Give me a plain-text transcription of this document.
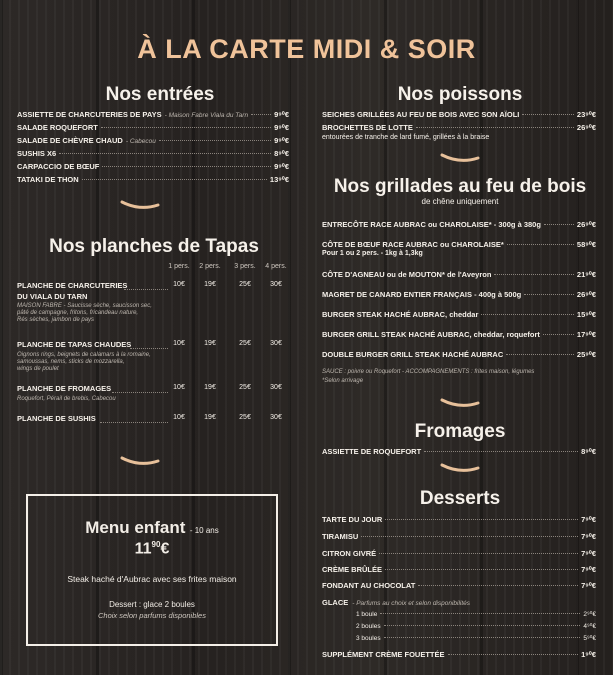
À LA CARTE MIDI & SOIR
Nos entrées
ASSIETTE DE CHARCUTERIES DE PAYS - Maison Fabre Viala du Tarn	9⁹⁰€
SALADE ROQUEFORT	9⁹⁰€
SALADE DE CHÈVRE CHAUD - Cabecou	9⁹⁰€
SUSHIS X6	8⁹⁰€
CARPACCIO DE BŒUF	9⁹⁰€
TATAKI DE THON	13⁹⁰€
Nos planches de Tapas
1 pers.	2 pers.	3 pers.	4 pers.
PLANCHE DE CHARCUTERIES
DU VIALA DU TARN
MAISON FABRE - Saucisse sèche, saucisson sec,
pâté de campagne, fritons, fricandeau nature,
Rés sèches, jambon de pays
10€	19€	25€	30€
PLANCHE DE TAPAS CHAUDES
Oignons rings, beignets de calamars à la romaine,
samoussas, nems, sticks de mozzarella,
wings de poulet
10€	19€	25€	30€
PLANCHE DE FROMAGES
Roquefort, Pérail de brebis, Cabecou
10€	19€	25€	30€
PLANCHE DE SUSHIS	10€	19€	25€	30€
Menu enfant - 10 ans
$11^{90}€$
Steak haché d'Aubrac avec ses frites maison
Dessert : glace 2 boules
Choix selon parfums disponibles
Nos poissons
SEICHES GRILLÉES AU FEU DE BOIS AVEC SON AÏOLI	23⁹⁰€
BROCHETTES DE LOTTE	26⁹⁰€
entourées de tranche de lard fumé, grillées à la braise
Nos grillades au feu de bois
de chêne uniquement
ENTRECÔTE RACE AUBRAC ou CHAROLAISE* - 300g à 380g	26⁹⁰€
CÔTE DE BŒUF RACE AUBRAC ou CHAROLAISE*	58⁹⁰€
Pour 1 ou 2 pers. - 1kg à 1,3kg
CÔTE D'AGNEAU ou de MOUTON* de l'Aveyron	21⁹⁰€
MAGRET DE CANARD ENTIER FRANÇAIS - 400g à 500g	26⁹⁰€
BURGER STEAK HACHÉ AUBRAC, cheddar	15⁹⁰€
BURGER GRILL STEAK HACHÉ AUBRAC, cheddar, roquefort	17⁹⁰€
DOUBLE BURGER GRILL STEAK HACHÉ AUBRAC	25⁹⁰€
SAUCE : poivre ou Roquefort - ACCOMPAGNEMENTS : frites maison, légumes
*Selon arrivage
Fromages
ASSIETTE DE ROQUEFORT	8⁹⁰€
Desserts
TARTE DU JOUR	7⁹⁰€
TIRAMISU	7⁹⁰€
CITRON GIVRÉ	7⁹⁰€
CRÈME BRÛLÉE	7⁹⁰€
FONDANT AU CHOCOLAT	7⁹⁰€
GLACE - Parfums au choix et selon disponibilités
1 boule	2⁹⁰€
2 boules	4⁹⁰€
3 boules	5⁹⁰€
SUPPLÉMENT CRÈME FOUETTÉE	1⁹⁰€
